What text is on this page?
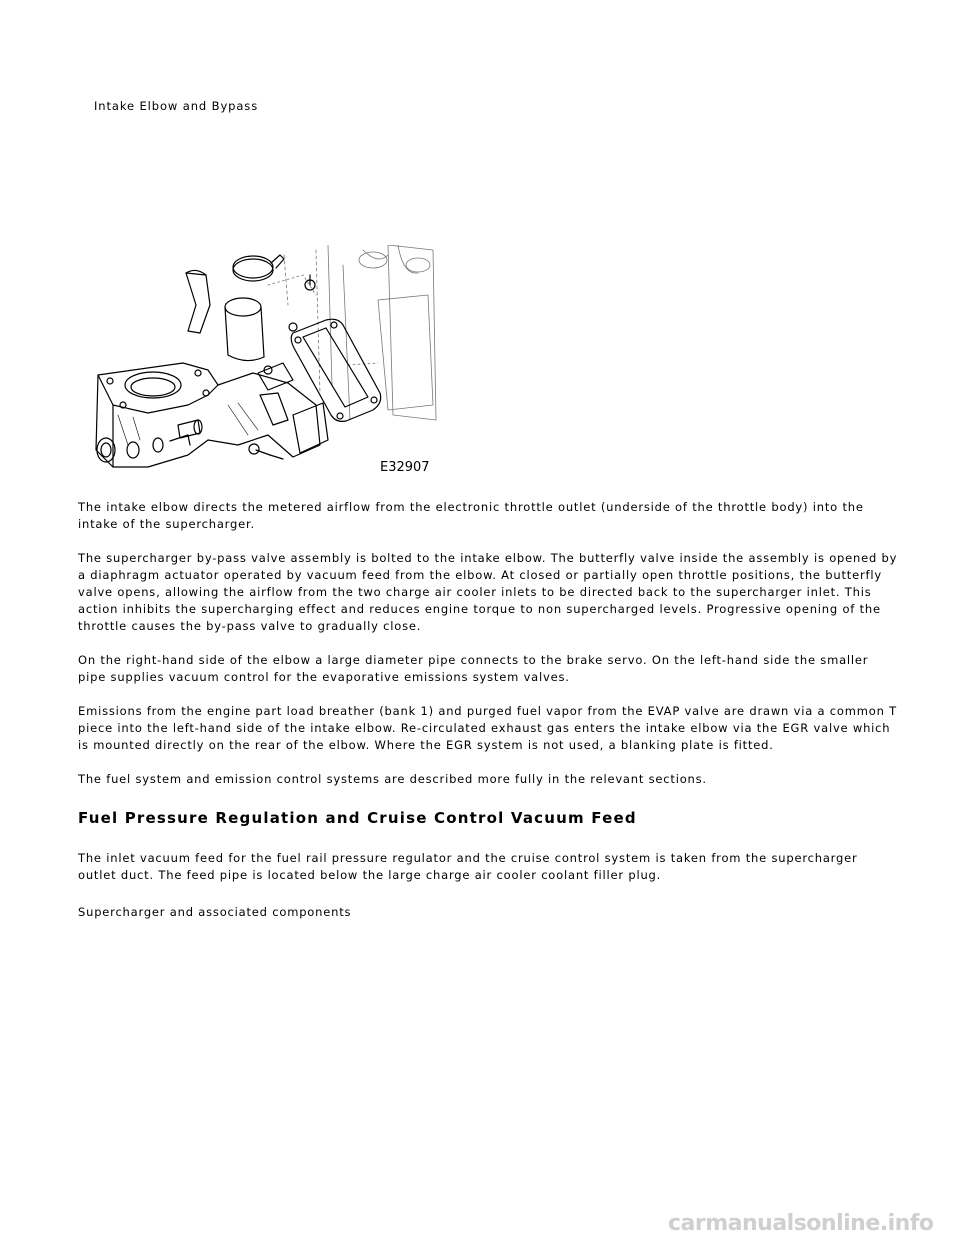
Intake Elbow and Bypass
E32907

The intake elbow directs the metered airflow from the electronic throttle outlet (underside of the throttle body) into the intake of the supercharger.

The supercharger by-pass valve assembly is bolted to the intake elbow. The butterfly valve inside the assembly is opened by a diaphragm actuator operated by vacuum feed from the elbow. At closed or partially open throttle positions, the butterfly valve opens, allowing the airflow from the two charge air cooler inlets to be directed back to the supercharger inlet. This action inhibits the supercharging effect and reduces engine torque to non supercharged levels. Progressive opening of the throttle causes the by-pass valve to gradually close.

On the right-hand side of the elbow a large diameter pipe connects to the brake servo. On the left-hand side the smaller pipe supplies vacuum control for the evaporative emissions system valves.

Emissions from the engine part load breather (bank 1) and purged fuel vapor from the EVAP valve are drawn via a common T piece into the left-hand side of the intake elbow. Re-circulated exhaust gas enters the intake elbow via the EGR valve which is mounted directly on the rear of the elbow. Where the EGR system is not used, a blanking plate is fitted.

The fuel system and emission control systems are described more fully in the relevant sections.

Fuel Pressure Regulation and Cruise Control Vacuum Feed

The inlet vacuum feed for the fuel rail pressure regulator and the cruise control system is taken from the supercharger outlet duct. The feed pipe is located below the large charge air cooler coolant filler plug.

Supercharger and associated components

carmanualsonline.info
